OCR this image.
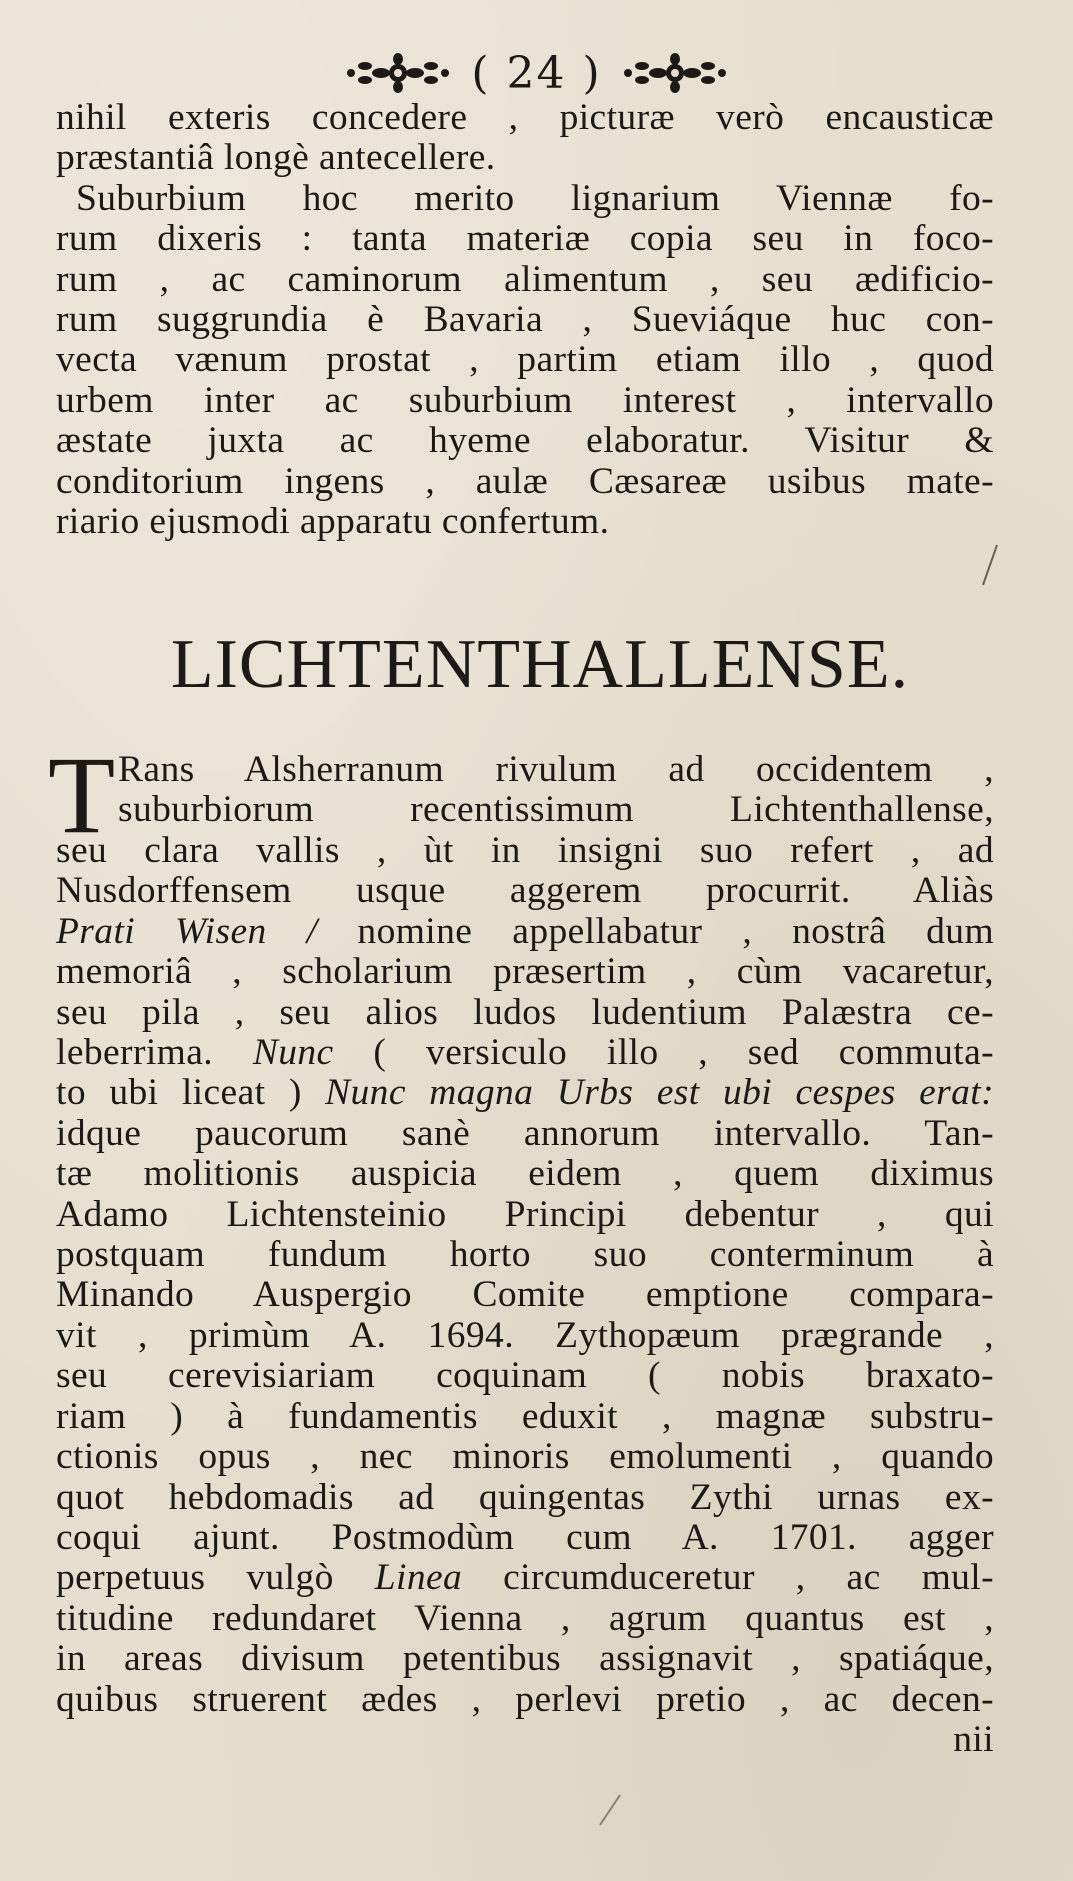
( 24 )
nihil exteris concedere , picturæ verò encausticæ
præstantiâ longè antecellere.
Suburbium hoc merito lignarium Viennæ fo-
rum dixeris : tanta materiæ copia seu in foco-
rum , ac caminorum alimentum , seu ædificio-
rum suggrundia è Bavaria , Sueviáque huc con-
vecta vænum prostat , partim etiam illo , quod
urbem inter ac suburbium interest , intervallo
æstate juxta ac hyeme elaboratur. Visitur &
conditorium ingens , aulæ Cæsareæ usibus mate-
riario ejusmodi apparatu confertum.
LICHTENTHALLENSE.
T Rans Alsherranum rivulum ad occidentem ,
suburbiorum recentissimum Lichtenthallense,
seu clara vallis , ùt in insigni suo refert , ad
Nusdorffensem usque aggerem procurrit. Aliàs
Prati Wisen / nomine appellabatur , nostrâ dum
memoriâ , scholarium præsertim , cùm vacaretur,
seu pila , seu alios ludos ludentium Palæstra ce-
leberrima. Nunc ( versiculo illo , sed commuta-
to ubi liceat ) Nunc magna Urbs est ubi cespes erat:
idque paucorum sanè annorum intervallo. Tan-
tæ molitionis auspicia eidem , quem diximus
Adamo Lichtensteinio Principi debentur , qui
postquam fundum horto suo conterminum à
Minando Auspergio Comite emptione compara-
vit , primùm A. 1694. Zythopæum prægrande ,
seu cerevisiariam coquinam ( nobis braxato-
riam ) à fundamentis eduxit , magnæ substru-
ctionis opus , nec minoris emolumenti , quando
quot hebdomadis ad quingentas Zythi urnas ex-
coqui ajunt. Postmodùm cum A. 1701. agger
perpetuus vulgò Linea circumduceretur , ac mul-
titudine redundaret Vienna , agrum quantus est ,
in areas divisum petentibus assignavit , spatiáque,
quibus struerent ædes , perlevi pretio , ac decen-
nii
